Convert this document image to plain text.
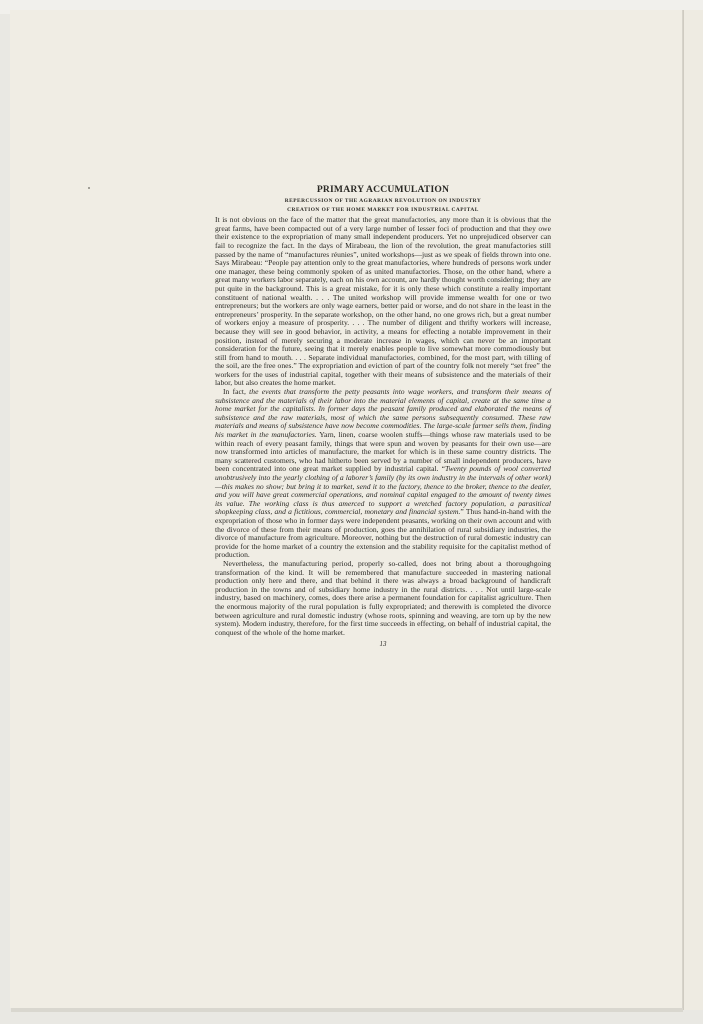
PRIMARY ACCUMULATION
REPERCUSSION OF THE AGRARIAN REVOLUTION ON INDUSTRY
CREATION OF THE HOME MARKET FOR INDUSTRIAL CAPITAL

It is not obvious on the face of the matter that the great manufactories, any more than it is obvious that the great farms, have been compacted out of a very large number of lesser foci of production and that they owe their existence to the expropriation of many small independent producers. Yet no unprejudiced observer can fail to recognize the fact. In the days of Mirabeau, the lion of the revolution, the great manufactories still passed by the name of “manufactures réunies”, united workshops—just as we speak of fields thrown into one. Says Mirabeau: “People pay attention only to the great manufactories, where hundreds of persons work under one manager, these being commonly spoken of as united manufactories. Those, on the other hand, where a great many workers labor separately, each on his own account, are hardly thought worth considering; they are put quite in the background. This is a great mistake, for it is only these which constitute a really important constituent of national wealth. . . . The united workshop will provide immense wealth for one or two entrepreneurs; but the workers are only wage earners, better paid or worse, and do not share in the least in the entrepreneurs’ prosperity. In the separate workshop, on the other hand, no one grows rich, but a great number of workers enjoy a measure of prosperity. . . . The number of diligent and thrifty workers will increase, because they will see in good behavior, in activity, a means for effecting a notable improvement in their position, instead of merely securing a moderate increase in wages, which can never be an important consideration for the future, seeing that it merely enables people to live somewhat more commodiously but still from hand to mouth. . . . Separate individual manufactories, combined, for the most part, with tilling of the soil, are the free ones.” The expropriation and eviction of part of the country folk not merely “set free” the workers for the uses of industrial capital, together with their means of subsistence and the materials of their labor, but also creates the home market.

In fact, the events that transform the petty peasants into wage workers, and transform their means of subsistence and the materials of their labor into the material elements of capital, create at the same time a home market for the capitalists. In former days the peasant family produced and elaborated the means of subsistence and the raw materials, most of which the same persons subsequently consumed. These raw materials and means of subsistence have now become commodities. The large-scale farmer sells them, finding his market in the manufactories. Yarn, linen, coarse woolen stuffs—things whose raw materials used to be within reach of every peasant family, things that were spun and woven by peasants for their own use—are now transformed into articles of manufacture, the market for which is in these same country districts. The many scattered customers, who had hitherto been served by a number of small independent producers, have been concentrated into one great market supplied by industrial capital. “Twenty pounds of wool converted unobtrusively into the yearly clothing of a laborer’s family (by its own industry in the intervals of other work)—this makes no show; but bring it to market, send it to the factory, thence to the broker, thence to the dealer, and you will have great commercial operations, and nominal capital engaged to the amount of twenty times its value. The working class is thus amerced to support a wretched factory population, a parasitical shopkeeping class, and a fictitious, commercial, monetary and financial system.” Thus hand-in-hand with the expropriation of those who in former days were independent peasants, working on their own account and with the divorce of these from their means of production, goes the annihilation of rural subsidiary industries, the divorce of manufacture from agriculture. Moreover, nothing but the destruction of rural domestic industry can provide for the home market of a country the extension and the stability requisite for the capitalist method of production.

Nevertheless, the manufacturing period, properly so-called, does not bring about a thoroughgoing transformation of the kind. It will be remembered that manufacture succeeded in mastering national production only here and there, and that behind it there was always a broad background of handicraft production in the towns and of subsidiary home industry in the rural districts. . . . Not until large-scale industry, based on machinery, comes, does there arise a permanent foundation for capitalist agriculture. Then the enormous majority of the rural population is fully expropriated; and therewith is completed the divorce between agriculture and rural domestic industry (whose roots, spinning and weaving, are torn up by the new system). Modern industry, therefore, for the first time succeeds in effecting, on behalf of industrial capital, the conquest of the whole of the home market.

13
